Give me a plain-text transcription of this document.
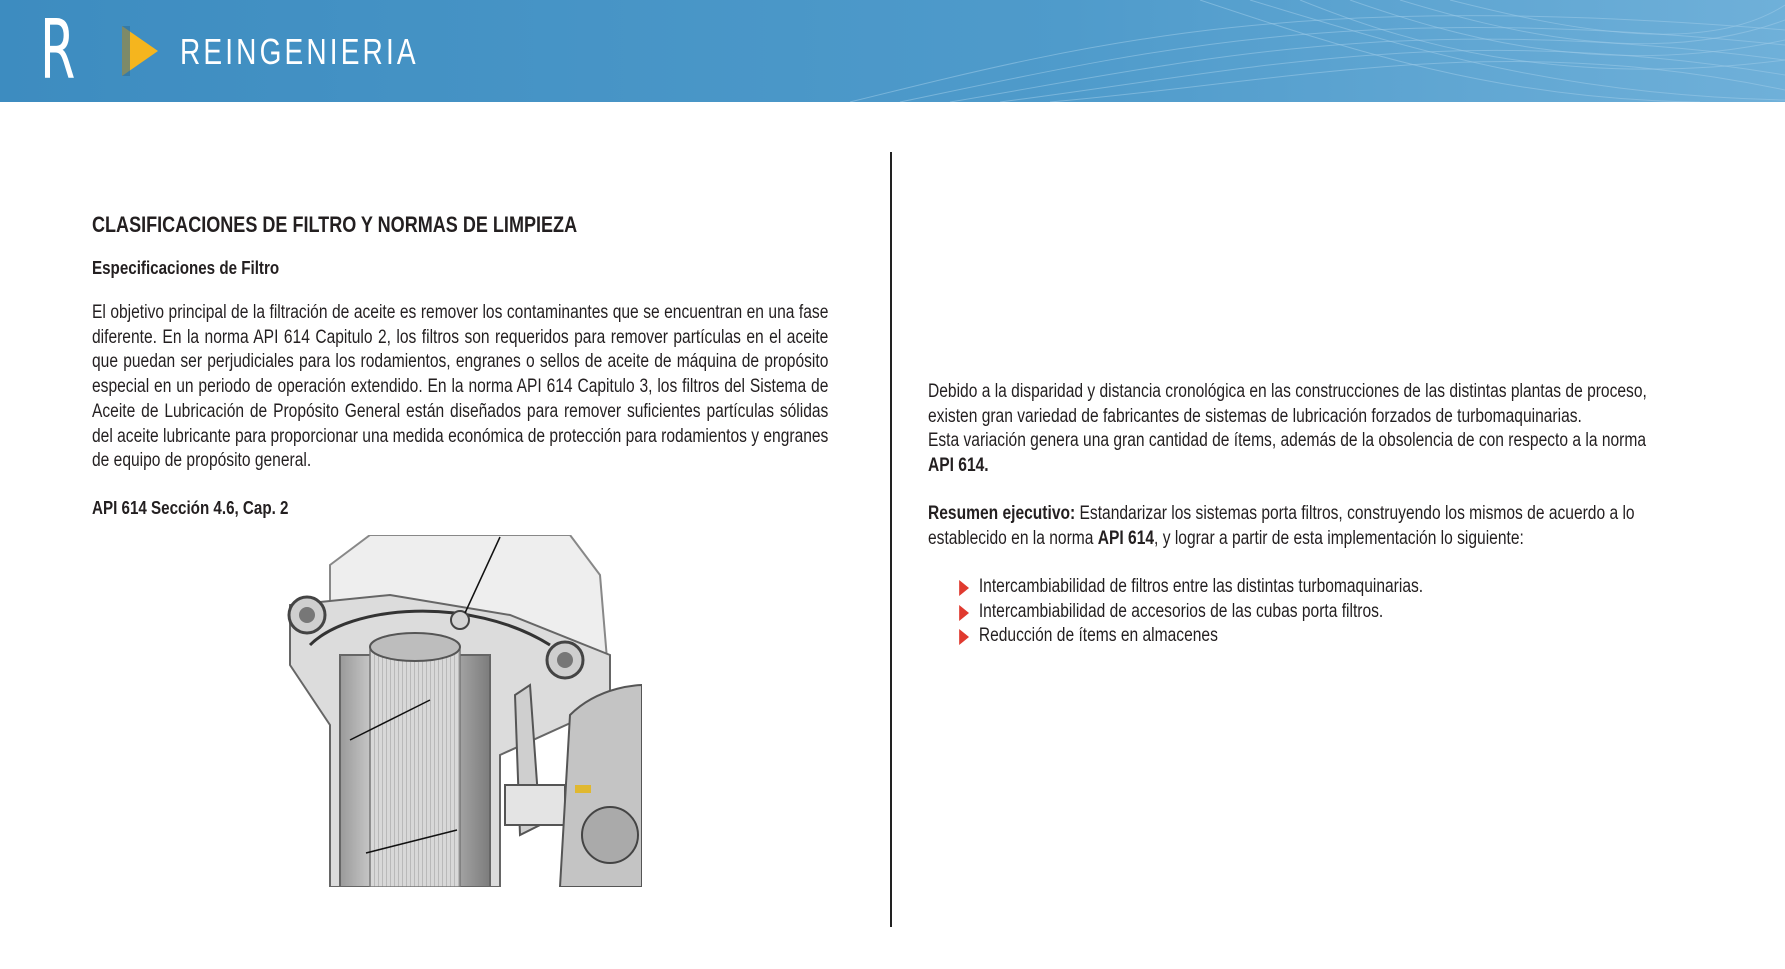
R	REINGENIERIA
CLASIFICACIONES DE FILTRO Y NORMAS DE LIMPIEZA
Especificaciones de Filtro

El objetivo principal de la filtración de aceite es remover los contaminantes que se encuentran en una fase diferente. En la norma API 614 Capitulo 2, los filtros son requeridos para remover partículas en el aceite que puedan ser perjudiciales para los rodamientos, engranes o sellos de aceite de máquina de propósito especial en un periodo de operación extendido. En la norma API 614 Capitulo 3, los filtros del Sistema de Aceite de Lubricación de Propósito General están diseñados para remover suficientes partículas sólidas del aceite lubricante para proporcionar una medida económica de protección para rodamientos y engranes de equipo de propósito general.

API 614 Sección 4.6, Cap. 2

Debido a la disparidad y distancia cronológica en las construcciones de las distintas plantas de proceso, existen gran variedad de fabricantes de sistemas de lubricación forzados de turbomaquinarias.
Esta variación genera una gran cantidad de ítems, además de la obsolencia de con respecto a la norma
API 614.

Resumen ejecutivo: Estandarizar los sistemas porta filtros, construyendo los mismos de acuerdo a lo establecido en la norma API 614, y lograr a partir de esta implementación lo siguiente:

Intercambiabilidad de filtros entre las distintas turbomaquinarias.
Intercambiabilidad de accesorios de las cubas porta filtros.
Reducción de ítems en almacenes
